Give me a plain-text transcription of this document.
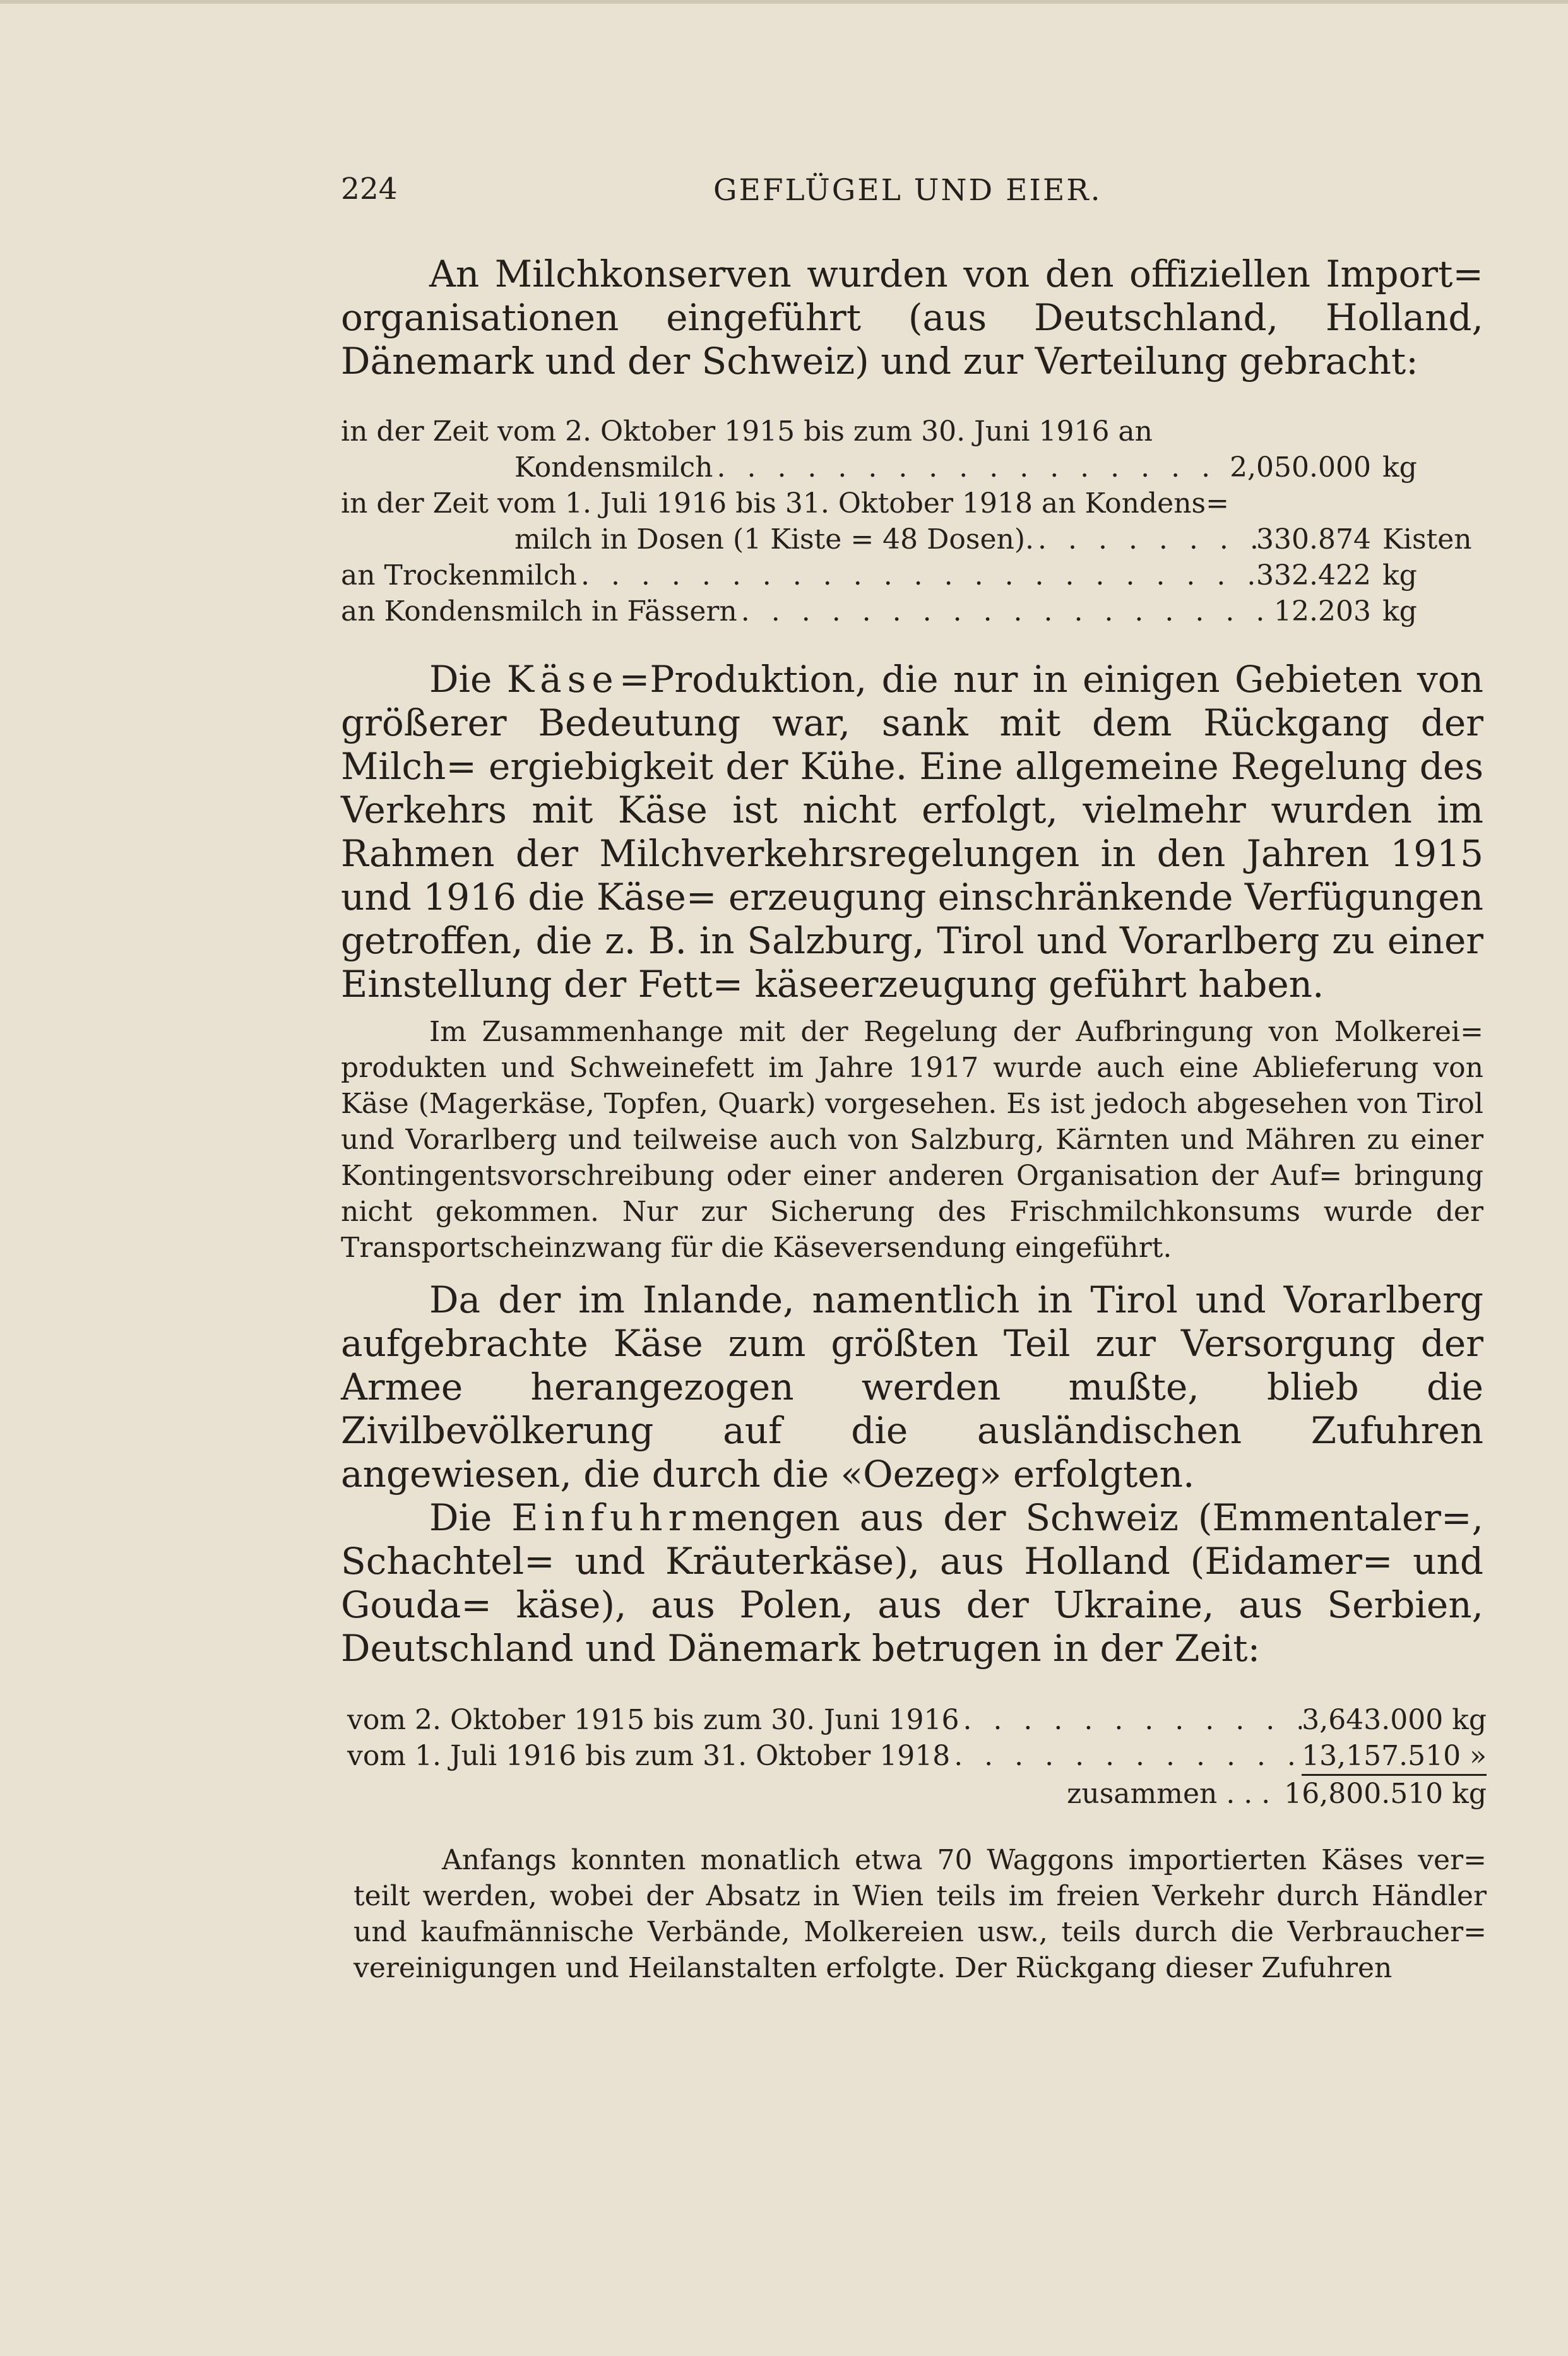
224	GEFLÜGEL UND EIER.

An Milchkonserven wurden von den offiziellen Import= organisationen eingeführt (aus Deutschland, Holland, Dänemark und der Schweiz) und zur Verteilung gebracht:

in der Zeit vom 2. Oktober 1915 bis zum 30. Juni 1916 an
Kondensmilch . . .	2,050.000 kg
in der Zeit vom 1. Juli 1916 bis 31. Oktober 1918 an Kondens=
milch in Dosen (1 Kiste = 48 Dosen). . . .	330.874 Kisten
an Trockenmilch . . .	332.422 kg
an Kondensmilch in Fässern . . .	12.203 kg

Die Käse=Produktion, die nur in einigen Gebieten von größerer Bedeutung war, sank mit dem Rückgang der Milch= ergiebigkeit der Kühe. Eine allgemeine Regelung des Verkehrs mit Käse ist nicht erfolgt, vielmehr wurden im Rahmen der Milchverkehrsregelungen in den Jahren 1915 und 1916 die Käse= erzeugung einschränkende Verfügungen getroffen, die z. B. in Salzburg, Tirol und Vorarlberg zu einer Einstellung der Fett= käseerzeugung geführt haben.

Im Zusammenhange mit der Regelung der Aufbringung von Molkerei= produkten und Schweinefett im Jahre 1917 wurde auch eine Ablieferung von Käse (Magerkäse, Topfen, Quark) vorgesehen. Es ist jedoch abgesehen von Tirol und Vorarlberg und teilweise auch von Salzburg, Kärnten und Mähren zu einer Kontingentsvorschreibung oder einer anderen Organisation der Auf= bringung nicht gekommen. Nur zur Sicherung des Frischmilchkonsums wurde der Transportscheinzwang für die Käseversendung eingeführt.

Da der im Inlande, namentlich in Tirol und Vorarlberg aufgebrachte Käse zum größten Teil zur Versorgung der Armee herangezogen werden mußte, blieb die Zivilbevölkerung auf die ausländischen Zufuhren angewiesen, die durch die «Oezeg» erfolgten.

Die Einfuhrmengen aus der Schweiz (Emmentaler=, Schachtel= und Kräuterkäse), aus Holland (Eidamer= und Gouda= käse), aus Polen, aus der Ukraine, aus Serbien, Deutschland und Dänemark betrugen in der Zeit:

vom 2. Oktober 1915 bis zum 30. Juni 1916 . . .	3,643.000 kg
vom 1. Juli 1916 bis zum 31. Oktober 1918 . . .	13,157.510 »
zusammen . . . 16,800.510 kg

Anfangs konnten monatlich etwa 70 Waggons importierten Käses ver= teilt werden, wobei der Absatz in Wien teils im freien Verkehr durch Händler und kaufmännische Verbände, Molkereien usw., teils durch die Verbraucher= vereinigungen und Heilanstalten erfolgte. Der Rückgang dieser Zufuhren
